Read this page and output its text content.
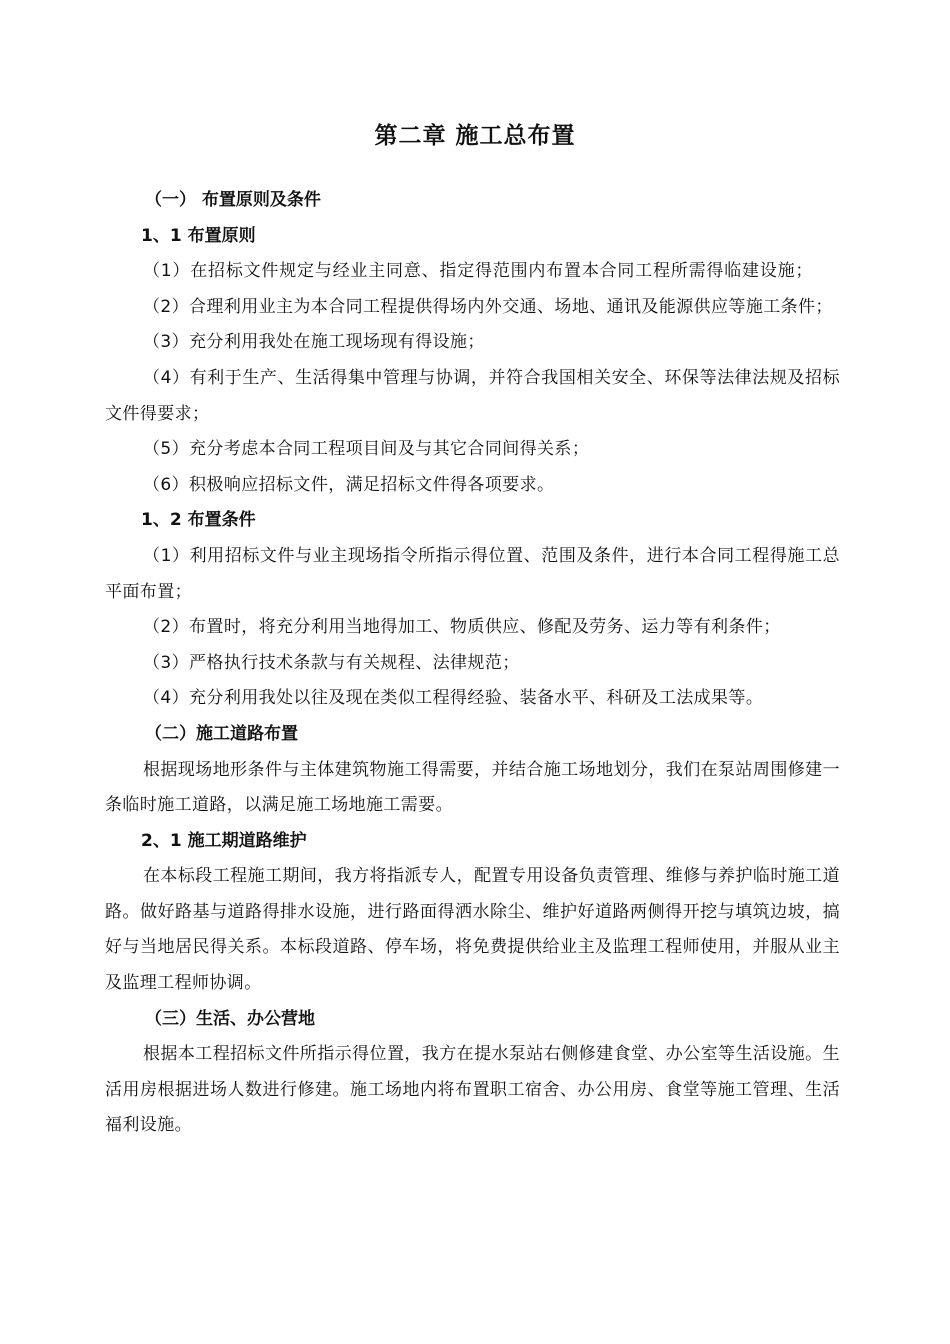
第二章 施工总布置
（一） 布置原则及条件
1、1 布置原则
（1）在招标文件规定与经业主同意、指定得范围内布置本合同工程所需得临建设施；
（2）合理利用业主为本合同工程提供得场内外交通、场地、通讯及能源供应等施工条件；
（3）充分利用我处在施工现场现有得设施；
（4）有利于生产、生活得集中管理与协调，并符合我国相关安全、环保等法律法规及招标文件得要求；
（5）充分考虑本合同工程项目间及与其它合同间得关系；
（6）积极响应招标文件，满足招标文件得各项要求。
1、2 布置条件
（1）利用招标文件与业主现场指令所指示得位置、范围及条件，进行本合同工程得施工总平面布置；
（2）布置时，将充分利用当地得加工、物质供应、修配及劳务、运力等有利条件；
（3）严格执行技术条款与有关规程、法律规范；
（4）充分利用我处以往及现在类似工程得经验、装备水平、科研及工法成果等。
（二）施工道路布置
根据现场地形条件与主体建筑物施工得需要，并结合施工场地划分，我们在泵站周围修建一条临时施工道路，以满足施工场地施工需要。
2、1 施工期道路维护
在本标段工程施工期间，我方将指派专人，配置专用设备负责管理、维修与养护临时施工道路。做好路基与道路得排水设施，进行路面得洒水除尘、维护好道路两侧得开挖与填筑边坡，搞好与当地居民得关系。本标段道路、停车场，将免费提供给业主及监理工程师使用，并服从业主及监理工程师协调。
（三）生活、办公营地
根据本工程招标文件所指示得位置，我方在提水泵站右侧修建食堂、办公室等生活设施。生活用房根据进场人数进行修建。施工场地内将布置职工宿舍、办公用房、食堂等施工管理、生活福利设施。
